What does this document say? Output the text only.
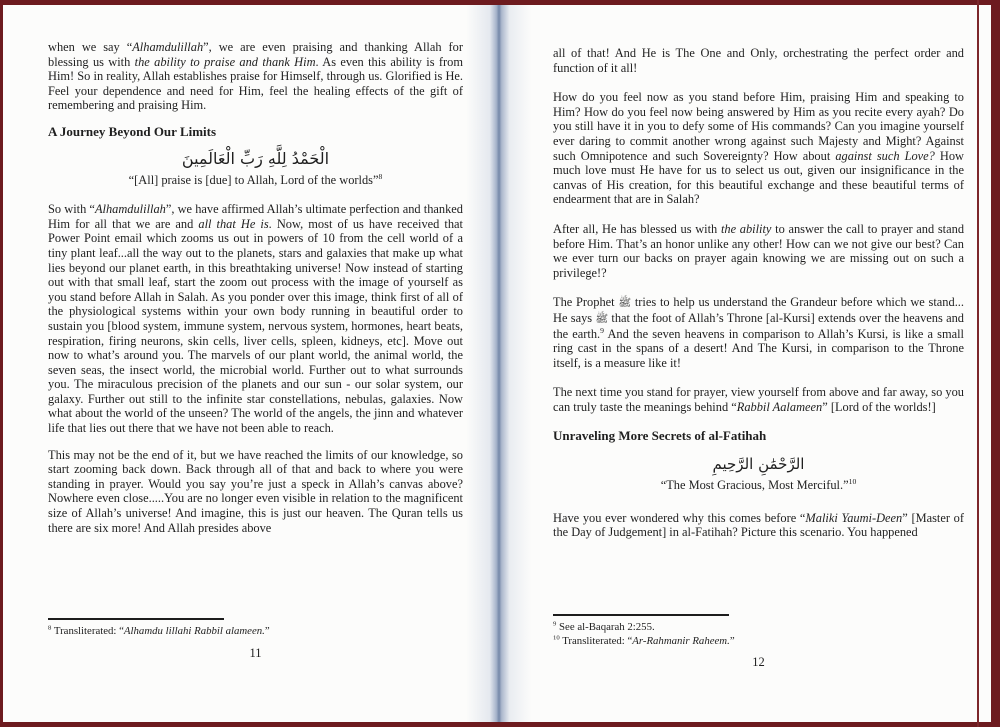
when we say “Alhamdulillah”, we are even praising and thanking Allah for blessing us with the ability to praise and thank Him. As even this ability is from Him! So in reality, Allah establishes praise for Himself, through us. Glorified is He. Feel your dependence and need for Him, feel the healing effects of the gift of remembering and praising Him.

A Journey Beyond Our Limits
الْحَمْدُ لِلَّهِ رَبِّ الْعَالَمِينَ
“[All] praise is [due] to Allah, Lord of the worlds”$^8$

So with “Alhamdulillah”, we have affirmed Allah’s ultimate perfection and thanked Him for all that we are and all that He is. Now, most of us have received that Power Point email which zooms us out in powers of 10 from the cell world of a tiny plant leaf...all the way out to the planets, stars and galaxies that make up what lies beyond our planet earth, in this breathtaking universe! Now instead of starting out with that small leaf, start the zoom out process with the image of yourself as you stand before Allah in Salah. As you ponder over this image, think first of all of the physiological systems within your own body running in beautiful order to sustain you [blood system, immune system, nervous system, hormones, heart beats, respiration, firing neurons, skin cells, liver cells, spleen, kidneys, etc]. Move out now to what’s around you. The marvels of our plant world, the animal world, the seven seas, the insect world, the microbial world. Further out to what surrounds you. The miraculous precision of the planets and our sun - our solar system, our galaxy. Further out still to the infinite star constellations, nebulas, galaxies. Now what about the world of the unseen? The world of the angels, the jinn and whatever life that lies out there that we have not been able to reach.

This may not be the end of it, but we have reached the limits of our knowledge, so start zooming back down. Back through all of that and back to where you were standing in prayer. Would you say you’re just a speck in Allah’s canvas above? Nowhere even close.....You are no longer even visible in relation to the magnificent size of Allah’s universe! And imagine, this is just our heaven. The Quran tells us there are six more! And Allah presides above

$^8$ Transliterated: “Alhamdu lillahi Rabbil alameen.”
11

all of that! And He is The One and Only, orchestrating the perfect order and function of it all!

How do you feel now as you stand before Him, praising Him and speaking to Him? How do you feel now being answered by Him as you recite every ayah? Do you still have it in you to defy some of His commands? Can you imagine yourself ever daring to commit another wrong against such Majesty and Might? Against such Omnipotence and such Sovereignty? How about against such Love? How much love must He have for us to select us out, given our insignificance in the canvas of His creation, for this beautiful exchange and these beautiful terms of endearment that are in Salah?

After all, He has blessed us with the ability to answer the call to prayer and stand before Him. That’s an honor unlike any other! How can we not give our best? Can we ever turn our backs on prayer again knowing we are missing out on such a privilege!?

The Prophet ﷺ tries to help us understand the Grandeur before which we stand... He says ﷺ that the foot of Allah’s Throne [al-Kursi] extends over the heavens and the earth.$^9$ And the seven heavens in comparison to Allah’s Kursi, is like a small ring cast in the spans of a desert! And The Kursi, in comparison to the Throne itself, is a measure like it!

The next time you stand for prayer, view yourself from above and far away, so you can truly taste the meanings behind “Rabbil Aalameen” [Lord of the worlds!]

Unraveling More Secrets of al-Fatihah
الرَّحْمَٰنِ الرَّحِيمِ
“The Most Gracious, Most Merciful.”$^{10}$

Have you ever wondered why this comes before “Maliki Yaumi-Deen” [Master of the Day of Judgement] in al-Fatihah? Picture this scenario. You happened

$^9$ See al-Baqarah 2:255.
$^{10}$ Transliterated: “Ar-Rahmanir Raheem.”
12
